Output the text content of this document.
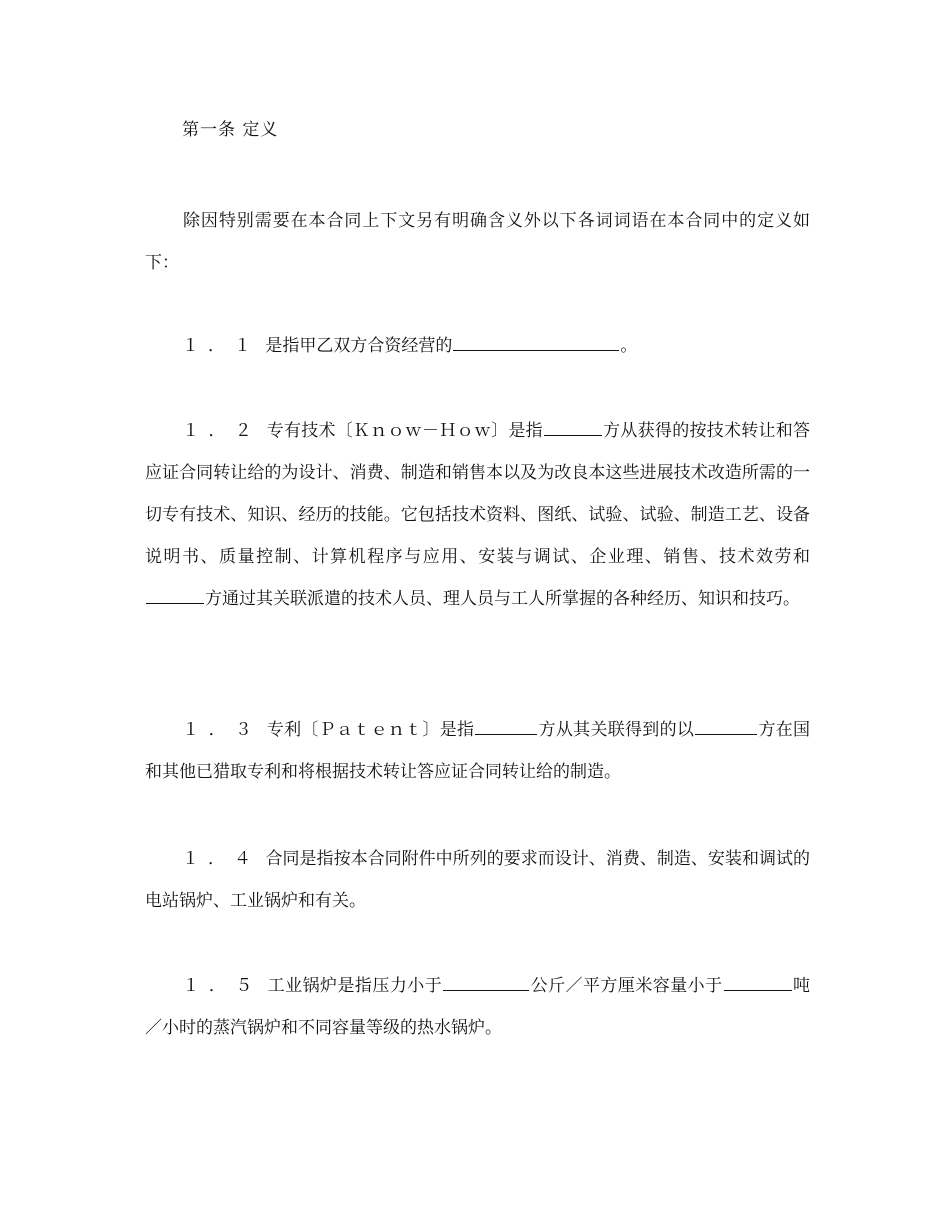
第一条 定义
除因特别需要在本合同上下文另有明确含义外以下各词词语在本合同中的定义如下：
１．１ 是指甲乙双方合资经营的	。
１．２ 专有技术〔Ｋｎｏｗ－Ｈｏｗ〕是指	方从获得的按技术转让和答应证合同转让给的为设计、消费、制造和销售本以及为改良本这些进展技术改造所需的一切专有技术、知识、经历的技能。它包括技术资料、图纸、试验、试验、制造工艺、设备说明书、质量控制、计算机程序与应用、安装与调试、企业理、销售、技术效劳和方通过其关联派遣的技术人员、理人员与工人所掌握的各种经历、知识和技巧。
１．３ 专利〔Ｐａｔｅｎｔ〕是指	方从其关联得到的以	方在国和其他已猎取专利和将根据技术转让答应证合同转让给的制造。
１．４ 合同是指按本合同附件中所列的要求而设计、消费、制造、安装和调试的电站锅炉、工业锅炉和有关。
１．５ 工业锅炉是指压力小于	公斤／平方厘米容量小于	吨／小时的蒸汽锅炉和不同容量等级的热水锅炉。
